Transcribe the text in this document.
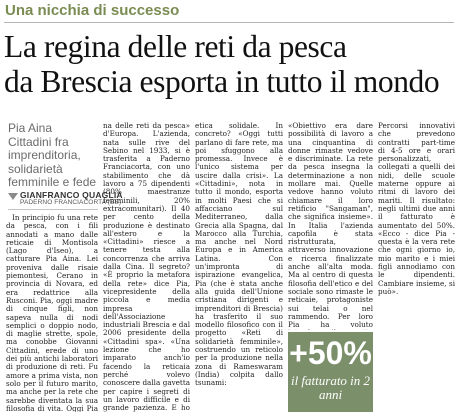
Una nicchia di successo
La regina delle reti da pesca
da Brescia esporta in tutto il mondo
Pia Aina Cittadini fra imprenditoria, solidarietà femminile e fede
GIANFRANCO QUAGLIA
PADERNO FRANCIACORTA (BS)

In principio fu una rete da pesca, con i fili annodati a mano dalle reticaie di Montisola (Lago d'Iseo), a catturare Pia Aina. Lei proveniva dalle risaie piemontesi, Cerano in provincia di Novara, ed era redattrice alla Rusconi. Pia, oggi madre di cinque figli, non sapeva nulla di nodi semplici o doppio nodo, di maglie strette, spole, ma conobbe Giovanni Cittadini, erede di uno dei più antichi laboratori di produzione di reti. Fu amore a prima vista, non solo per il futuro marito, ma anche per la rete che sarebbe diventata la sua filosofia di vita. Oggi Pia

na delle reti da pesca» d'Europa. L'azienda, nata sulle rive del Sebino nel 1933, si è trasferita a Paderno Franciacorta, con uno stabilimento che dà lavoro a 75 dipendenti (80% maestranze femminili, 20% extracomunitari). Il 40 per cento della produzione è destinato all'estero e la «Cittadini» riesce a tenere testa alla concorrenza che arriva dalla Cina. Il segreto? «È proprio la metafora della rete» dice Pia, vicepresidente della piccola e media impresa dell'Associazione industriali Brescia e dal 2006 presidente della «Cittadini spa». «Una lezione che ho imparato anch'io facendo la reticaia perché volevo conoscere dalla gavetta per capire i segreti di un lavoro difficile e di grande pazienza. E ho

etica solidale. In concreto? «Oggi tutti parlano di fare rete, ma poi sfuggono alla promessa. Invece è l'unico sistema per uscire dalla crisi». La «Cittadini», nota in tutto il mondo, esporta in molti Paesi che si affacciano sul Mediterraneo, dalla Grecia alla Spagna, dal Marocco alla Turchia, ma anche nel Nord Europa e in America Latina. Con un'impronta di ispirazione evangelica, Pia (che è stata anche alla guida dell'Unione cristiana dirigenti e imprenditori di Brescia) ha trasferito il suo modello filosofico con il progetto «Reti di solidarietà femminile», costruendo un reticolo per la produzione nella zona di Rameswaram (India) colpita dallo tsunami:

«Obiettivo era dare possibilità di lavoro a una cinquantina di donne rimaste vedove e discriminate. La rete da pesca insegna la determinazione a non mollare mai. Quelle vedove hanno voluto chiamare il loro retificio "Sangaman", che significa insieme». In Italia l'azienda capofila è stata ristrutturata, attraverso innovazione e ricerca finalizzate anche all'alta moda. Ma al centro di questa filosofia dell'etico e del sociale sono rimaste le reticaie, protagoniste sui telai o nel rammendo. Per loro Pia ha voluto

Percorsi innovativi che prevedono contratti part-time di 4-5 ore e orari personalizzati, collegati a quelli dei nidi, delle scuole materne oppure ai ritmi di lavoro dei mariti. Il risultato: negli ultimi due anni il fatturato è aumentato del 50%. «Ecco - dice Pia - questa è la vera rete che ogni giorno io, mio marito e i miei figli annodiamo con le dipendenti. Cambiare insieme, si può».

+50%
il fatturato in 2 anni
